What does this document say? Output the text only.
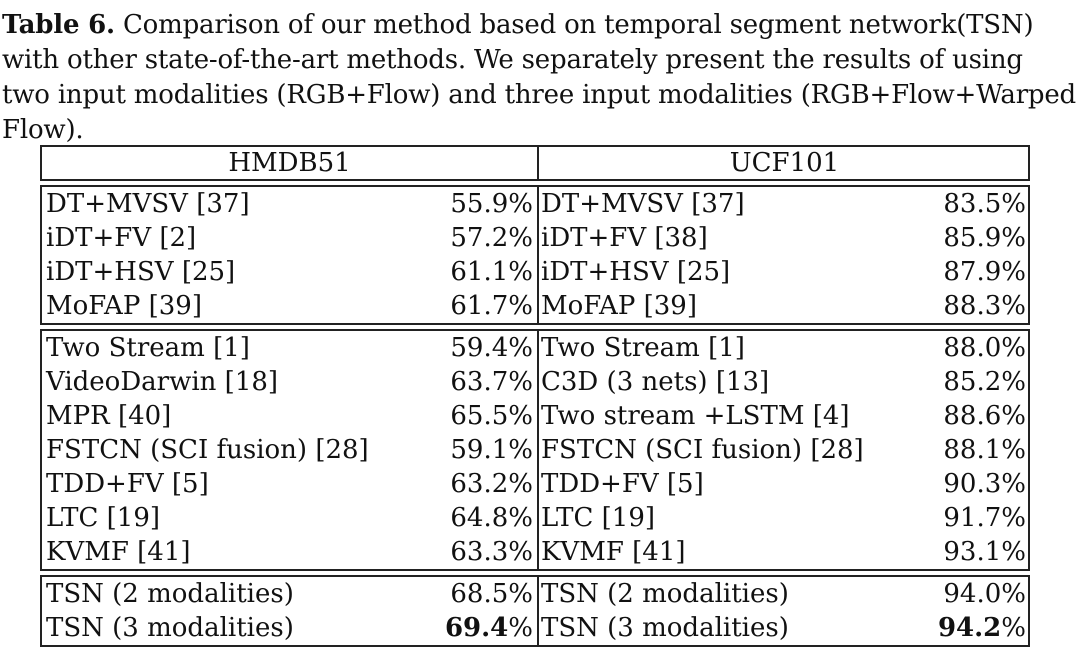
Table 6. Comparison of our method based on temporal segment network(TSN) with other state-of-the-art methods. We separately present the results of using two input modalities (RGB+Flow) and three input modalities (RGB+Flow+Warped Flow).
HMDB51	UCF101
DT+MVSV [37]	55.9% DT+MVSV [37]	83.5%
iDT+FV [2]	57.2% iDT+FV [38]	85.9%
iDT+HSV [25]	61.1% iDT+HSV [25]	87.9%
MoFAP [39]	61.7% MoFAP [39]	88.3%
Two Stream [1]	59.4% Two Stream [1]	88.0%
VideoDarwin [18]	63.7% C3D (3 nets) [13]	85.2%
MPR [40]	65.5% Two stream +LSTM [4]	88.6%
FSTCN (SCI fusion) [28]	59.1% FSTCN (SCI fusion) [28]	88.1%
TDD+FV [5]	63.2% TDD+FV [5]	90.3%
LTC [19]	64.8% LTC [19]	91.7%
KVMF [41]	63.3% KVMF [41]	93.1%
TSN (2 modalities)	68.5% TSN (2 modalities)	94.0%
TSN (3 modalities)	69.4% TSN (3 modalities)	94.2%
